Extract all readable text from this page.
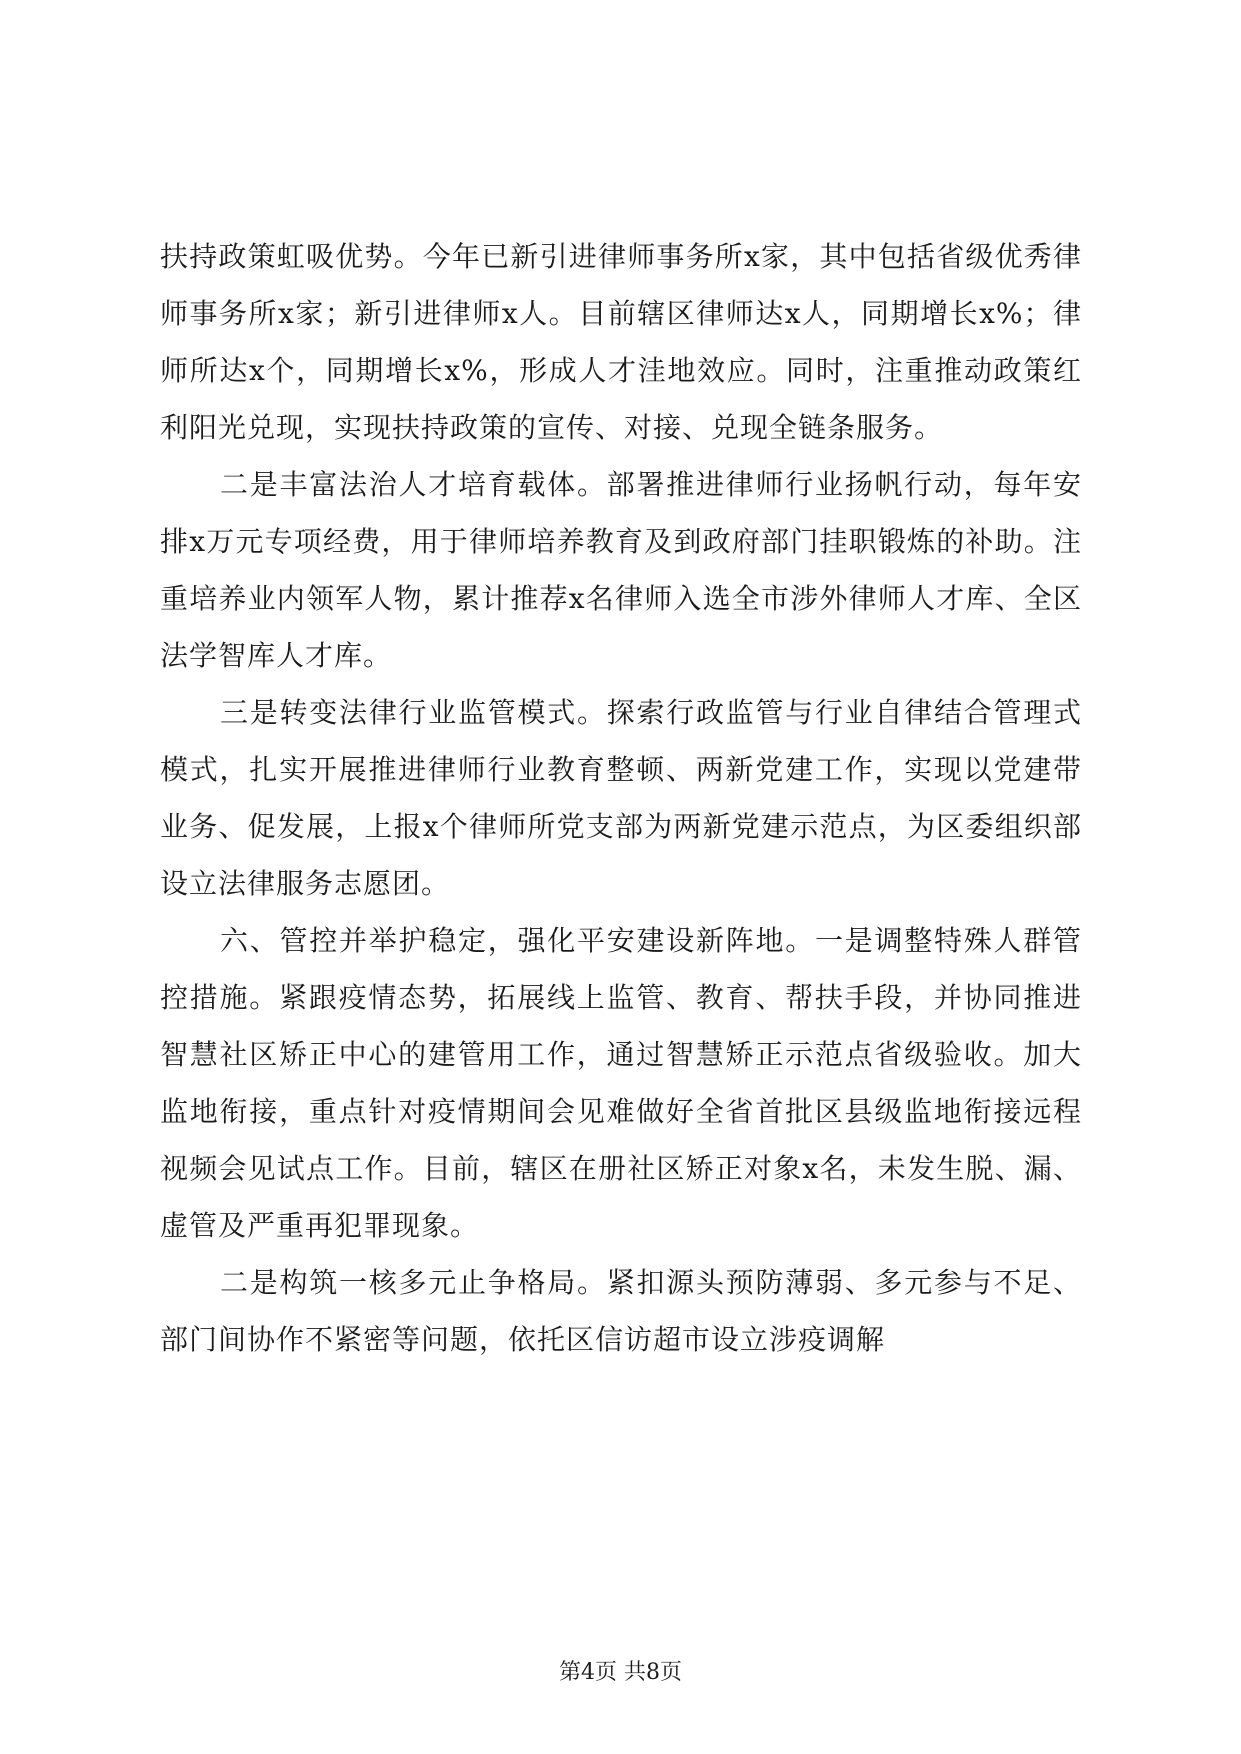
扶持政策虹吸优势。今年已新引进律师事务所x家，其中包括省级优秀律师事务所x家；新引进律师x人。目前辖区律师达x人，同期增长x%；律师所达x个，同期增长x%，形成人才洼地效应。同时，注重推动政策红利阳光兑现，实现扶持政策的宣传、对接、兑现全链条服务。

二是丰富法治人才培育载体。部署推进律师行业扬帆行动，每年安排x万元专项经费，用于律师培养教育及到政府部门挂职锻炼的补助。注重培养业内领军人物，累计推荐x名律师入选全市涉外律师人才库、全区法学智库人才库。

三是转变法律行业监管模式。探索行政监管与行业自律结合管理式模式，扎实开展推进律师行业教育整顿、两新党建工作，实现以党建带业务、促发展，上报x个律师所党支部为两新党建示范点，为区委组织部设立法律服务志愿团。

六、管控并举护稳定，强化平安建设新阵地。一是调整特殊人群管控措施。紧跟疫情态势，拓展线上监管、教育、帮扶手段，并协同推进智慧社区矫正中心的建管用工作，通过智慧矫正示范点省级验收。加大监地衔接，重点针对疫情期间会见难做好全省首批区县级监地衔接远程视频会见试点工作。目前，辖区在册社区矫正对象x名，未发生脱、漏、虚管及严重再犯罪现象。

二是构筑一核多元止争格局。紧扣源头预防薄弱、多元参与不足、部门间协作不紧密等问题，依托区信访超市设立涉疫调解

第4页 共8页
